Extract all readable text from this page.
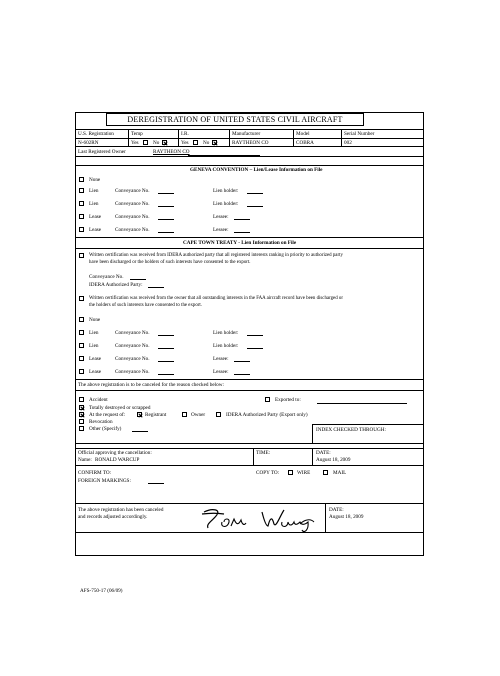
DEREGISTRATION OF UNITED STATES CIVIL AIRCRAFT
U.S. Registration	Temp	I.R.	Manufacturer	Model	Serial Number
N-602RN	Yes	No	Yes	No	RAYTHEON CO	COBRA	002
Last Registered Owner	RAYTHEON CO
GENEVA CONVENTION – Lien/Lease Information on File
None
Lien	Conveyance No.	Lien holder:
Lien	Conveyance No.	Lien holder:
Lease	Conveyance No.	Lessee:
Lease	Conveyance No.	Lessee:
CAPE TOWN TREATY - Lien Information on File
Written certification was received from IDERA authorized party that all registered interests ranking in priority to authorized party
have been discharged or the holders of such interests have consented to the export.
Conveyance No.
IDERA Authorized Party:
Written certification was received from the owner that all outstanding interests in the FAA aircraft record have been discharged or
the holders of such interests have consented to the export.
None
Lien	Conveyance No.	Lien holder:
Lien	Conveyance No.	Lien holder:
Lease	Conveyance No.	Lessee:
Lease	Conveyance No.	Lessee:
The above registration is to be canceled for the reason checked below:
Accident	Exported to:
Totally destroyed or scrapped
At the request of:	Registrant	Owner	IDERA Authorized Party (Export only)
Revocation
Other (Specify)	INDEX CHECKED THROUGH:
Official approving the cancellation:
Name: RONALD WARCUP
TIME:	DATE:
August 18, 2009
CONFIRM TO:
FOREIGN MARKINGS:
COPY TO:	WIRE	MAIL
The above registration has been canceled
and records adjusted accordingly.
DATE:
August 18, 2009
AFS-750-17 (06/09)
